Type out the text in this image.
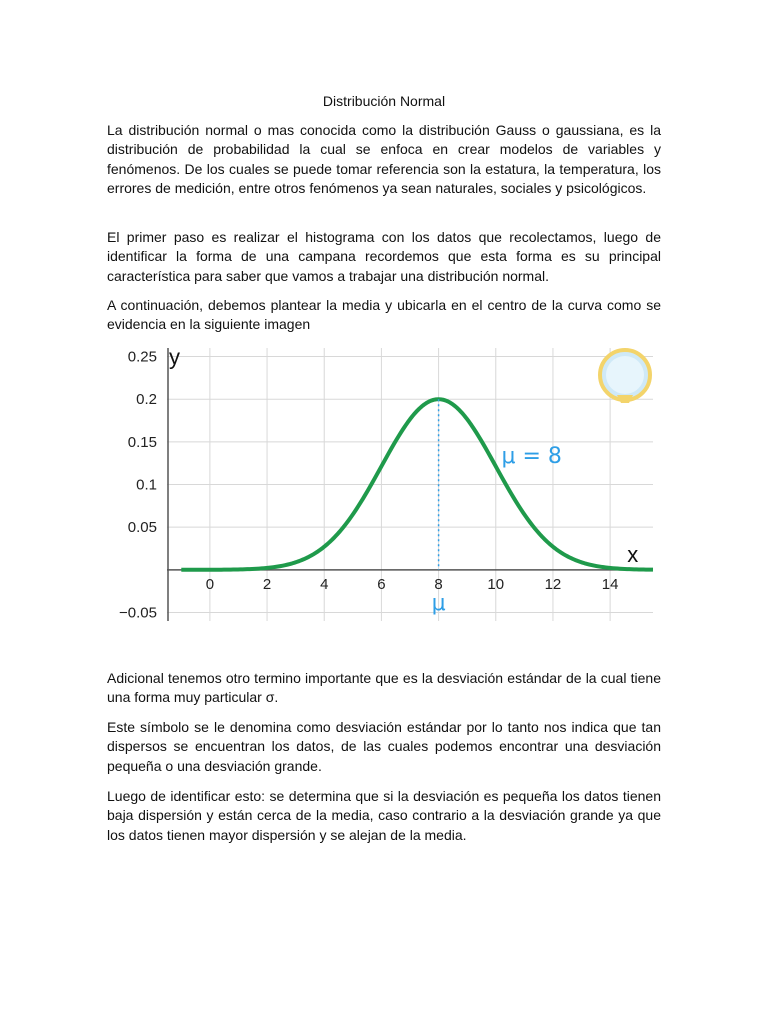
Distribución Normal

La distribución normal o mas conocida como la distribución Gauss o gaussiana, es la distribución de probabilidad la cual se enfoca en crear modelos de variables y fenómenos. De los cuales se puede tomar referencia son la estatura, la temperatura, los errores de medición, entre otros fenómenos ya sean naturales, sociales y psicológicos.

El primer paso es realizar el histograma con los datos que recolectamos, luego de identificar la forma de una campana recordemos que esta forma es su principal característica para saber que vamos a trabajar una distribución normal.

A continuación, debemos plantear la media y ubicarla en el centro de la curva como se evidencia en la siguiente imagen

Adicional tenemos otro termino importante que es la desviación estándar de la cual tiene una forma muy particular σ.

Este símbolo se le denomina como desviación estándar por lo tanto nos indica que tan dispersos se encuentran los datos, de las cuales podemos encontrar una desviación pequeña o una desviación grande.

Luego de identificar esto: se determina que si la desviación es pequeña los datos tienen baja dispersión y están cerca de la media, caso contrario a la desviación grande ya que los datos tienen mayor dispersión y se alejan de la media.

0	2	4	6	8	10	12	14
0.25
0.2
0.15
0.1
0.05
−0.05
y
x
μ = 8
μ
